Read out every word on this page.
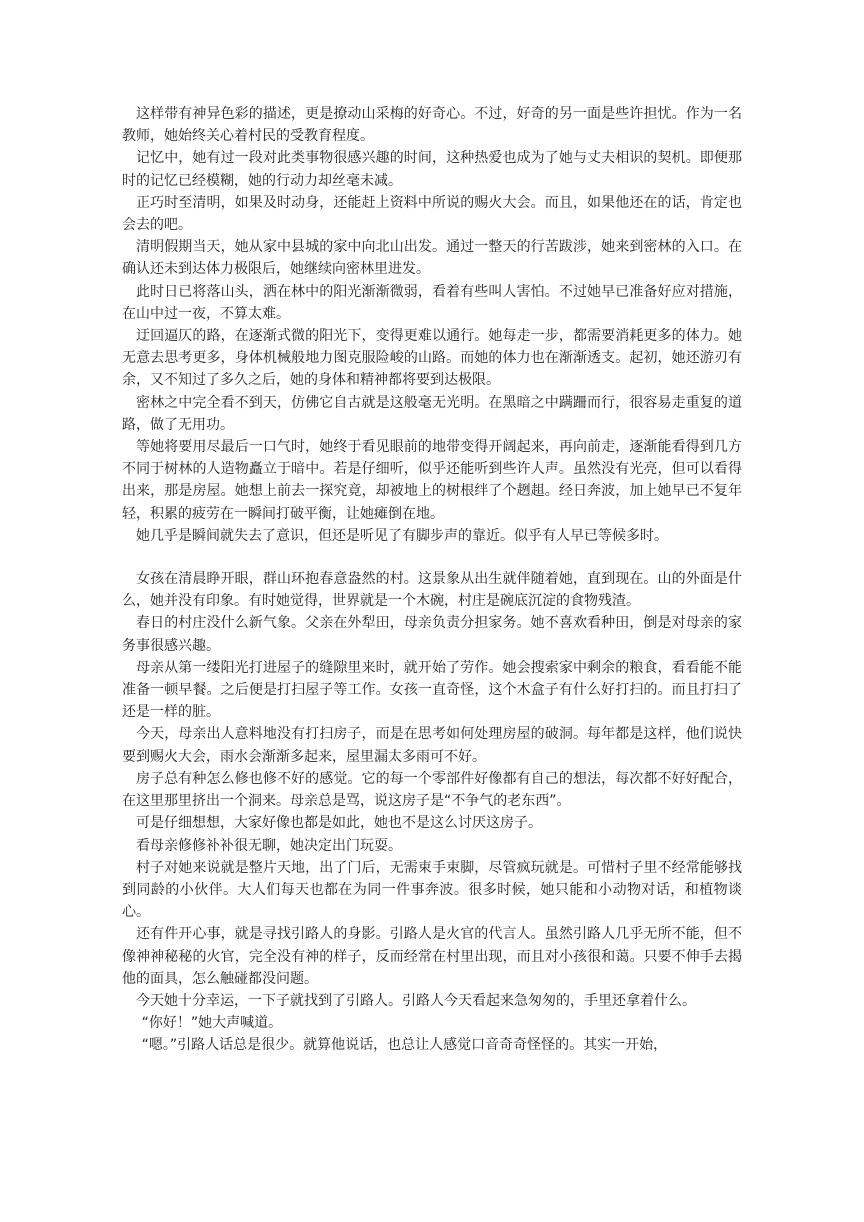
这样带有神异色彩的描述，更是撩动山采梅的好奇心。不过，好奇的另一面是些许担忧。作为一名教师，她始终关心着村民的受教育程度。

记忆中，她有过一段对此类事物很感兴趣的时间，这种热爱也成为了她与丈夫相识的契机。即便那时的记忆已经模糊，她的行动力却丝毫未减。

正巧时至清明，如果及时动身，还能赶上资料中所说的赐火大会。而且，如果他还在的话，肯定也会去的吧。

清明假期当天，她从家中县城的家中向北山出发。通过一整天的行苦跋涉，她来到密林的入口。在确认还未到达体力极限后，她继续向密林里进发。

此时日已将落山头，洒在林中的阳光渐渐微弱，看着有些叫人害怕。不过她早已准备好应对措施，在山中过一夜，不算太难。

迂回逼仄的路，在逐渐式微的阳光下，变得更难以通行。她每走一步，都需要消耗更多的体力。她无意去思考更多，身体机械般地力图克服险峻的山路。而她的体力也在渐渐透支。起初，她还游刃有余，又不知过了多久之后，她的身体和精神都将要到达极限。

密林之中完全看不到天，仿佛它自古就是这般毫无光明。在黑暗之中蹒跚而行，很容易走重复的道路，做了无用功。

等她将要用尽最后一口气时，她终于看见眼前的地带变得开阔起来，再向前走，逐渐能看得到几方不同于树林的人造物矗立于暗中。若是仔细听，似乎还能听到些许人声。虽然没有光亮，但可以看得出来，那是房屋。她想上前去一探究竟，却被地上的树根绊了个趔趄。经日奔波，加上她早已不复年轻，积累的疲劳在一瞬间打破平衡，让她瘫倒在地。

她几乎是瞬间就失去了意识，但还是听见了有脚步声的靠近。似乎有人早已等候多时。

女孩在清晨睁开眼，群山环抱春意盎然的村。这景象从出生就伴随着她，直到现在。山的外面是什么，她并没有印象。有时她觉得，世界就是一个木碗，村庄是碗底沉淀的食物残渣。

春日的村庄没什么新气象。父亲在外犁田，母亲负责分担家务。她不喜欢看种田，倒是对母亲的家务事很感兴趣。

母亲从第一缕阳光打进屋子的缝隙里来时，就开始了劳作。她会搜索家中剩余的粮食，看看能不能准备一顿早餐。之后便是打扫屋子等工作。女孩一直奇怪，这个木盒子有什么好打扫的。而且打扫了还是一样的脏。

今天，母亲出人意料地没有打扫房子，而是在思考如何处理房屋的破洞。每年都是这样，他们说快要到赐火大会，雨水会渐渐多起来，屋里漏太多雨可不好。

房子总有种怎么修也修不好的感觉。它的每一个零部件好像都有自己的想法，每次都不好好配合，在这里那里挤出一个洞来。母亲总是骂，说这房子是“不争气的老东西”。

可是仔细想想，大家好像也都是如此，她也不是这么讨厌这房子。

看母亲修修补补很无聊，她决定出门玩耍。

村子对她来说就是整片天地，出了门后，无需束手束脚，尽管疯玩就是。可惜村子里不经常能够找到同龄的小伙伴。大人们每天也都在为同一件事奔波。很多时候，她只能和小动物对话，和植物谈心。

还有件开心事，就是寻找引路人的身影。引路人是火官的代言人。虽然引路人几乎无所不能，但不像神神秘秘的火官，完全没有神的样子，反而经常在村里出现，而且对小孩很和蔼。只要不伸手去揭他的面具，怎么触碰都没问题。

今天她十分幸运，一下子就找到了引路人。引路人今天看起来急匆匆的，手里还拿着什么。

“你好！”她大声喊道。

“嗯。”引路人话总是很少。就算他说话，也总让人感觉口音奇奇怪怪的。其实一开始，
